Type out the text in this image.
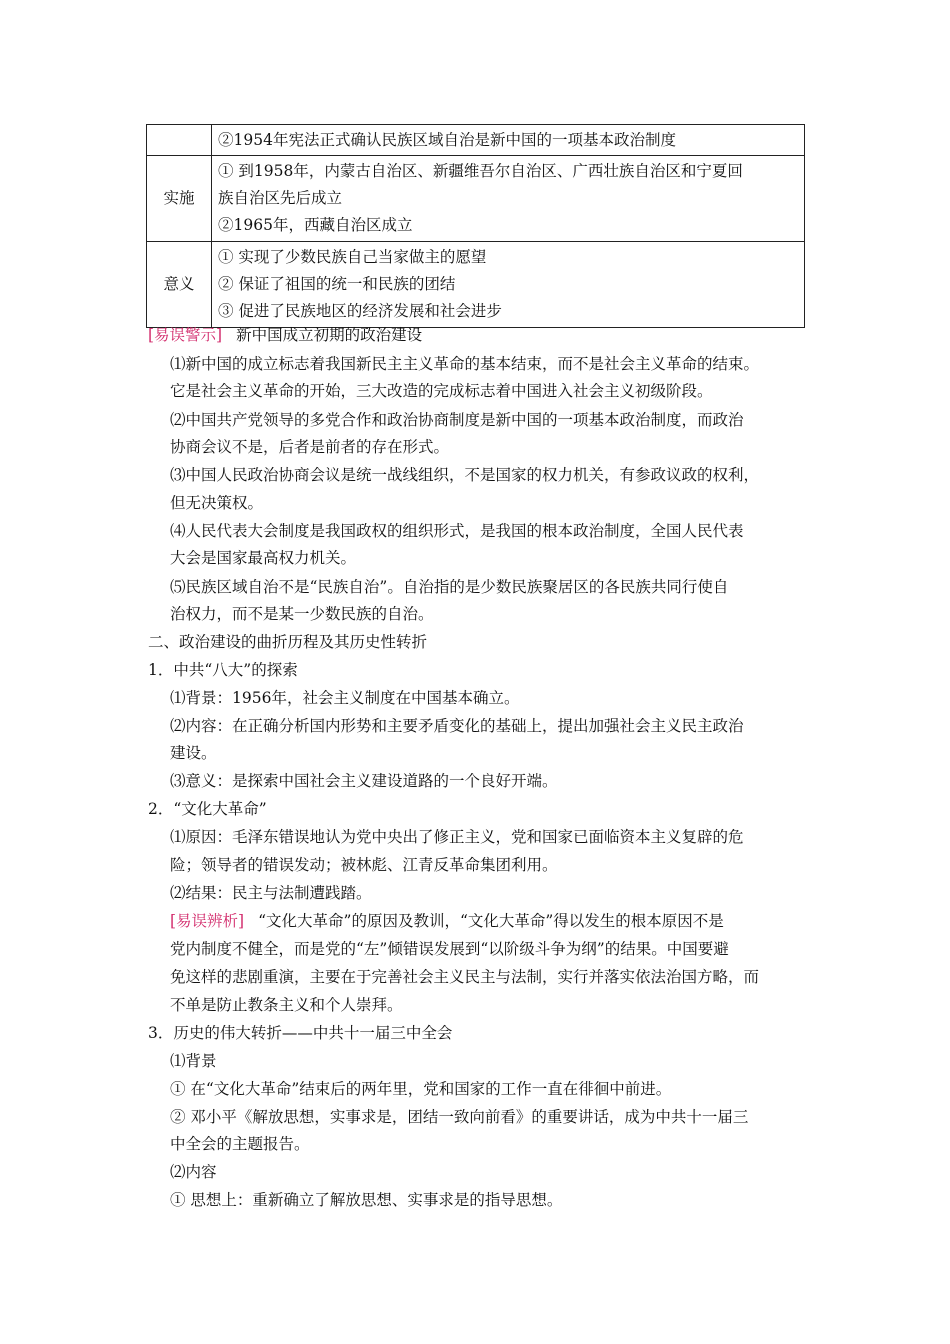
	②1954年宪法正式确认民族区域自治是新中国的一项基本政治制度

实施	① 到1958年，内蒙古自治区、新疆维吾尔自治区、广西壮族自治区和宁夏回
族自治区先后成立
②1965年，西藏自治区成立

意义	① 实现了少数民族自己当家做主的愿望
② 保证了祖国的统一和民族的团结
③ 促进了民族地区的经济发展和社会进步
[易误警示] 新中国成立初期的政治建设
⑴新中国的成立标志着我国新民主主义革命的基本结束，而不是社会主义革命的结束。
它是社会主义革命的开始，三大改造的完成标志着中国进入社会主义初级阶段。
⑵中国共产党领导的多党合作和政治协商制度是新中国的一项基本政治制度，而政治
协商会议不是，后者是前者的存在形式。
⑶中国人民政治协商会议是统一战线组织，不是国家的权力机关，有参政议政的权利，
但无决策权。
⑷人民代表大会制度是我国政权的组织形式，是我国的根本政治制度，全国人民代表
大会是国家最高权力机关。
⑸民族区域自治不是“民族自治”。自治指的是少数民族聚居区的各民族共同行使自
治权力，而不是某一少数民族的自治。
二、政治建设的曲折历程及其历史性转折
1．中共“八大”的探索
⑴背景：1956年，社会主义制度在中国基本确立。
⑵内容：在正确分析国内形势和主要矛盾变化的基础上，提出加强社会主义民主政治
建设。
⑶意义：是探索中国社会主义建设道路的一个良好开端。
2．“文化大革命”
⑴原因：毛泽东错误地认为党中央出了修正主义，党和国家已面临资本主义复辟的危
险；领导者的错误发动；被林彪、江青反革命集团利用。
⑵结果：民主与法制遭践踏。
[易误辨析] “文化大革命”的原因及教训，“文化大革命”得以发生的根本原因不是
党内制度不健全，而是党的“左”倾错误发展到“以阶级斗争为纲”的结果。中国要避
免这样的悲剧重演，主要在于完善社会主义民主与法制，实行并落实依法治国方略，而
不单是防止教条主义和个人崇拜。
3．历史的伟大转折——中共十一届三中全会
⑴背景
① 在“文化大革命”结束后的两年里，党和国家的工作一直在徘徊中前进。
② 邓小平《解放思想，实事求是，团结一致向前看》的重要讲话，成为中共十一届三
中全会的主题报告。
⑵内容
① 思想上：重新确立了解放思想、实事求是的指导思想。
